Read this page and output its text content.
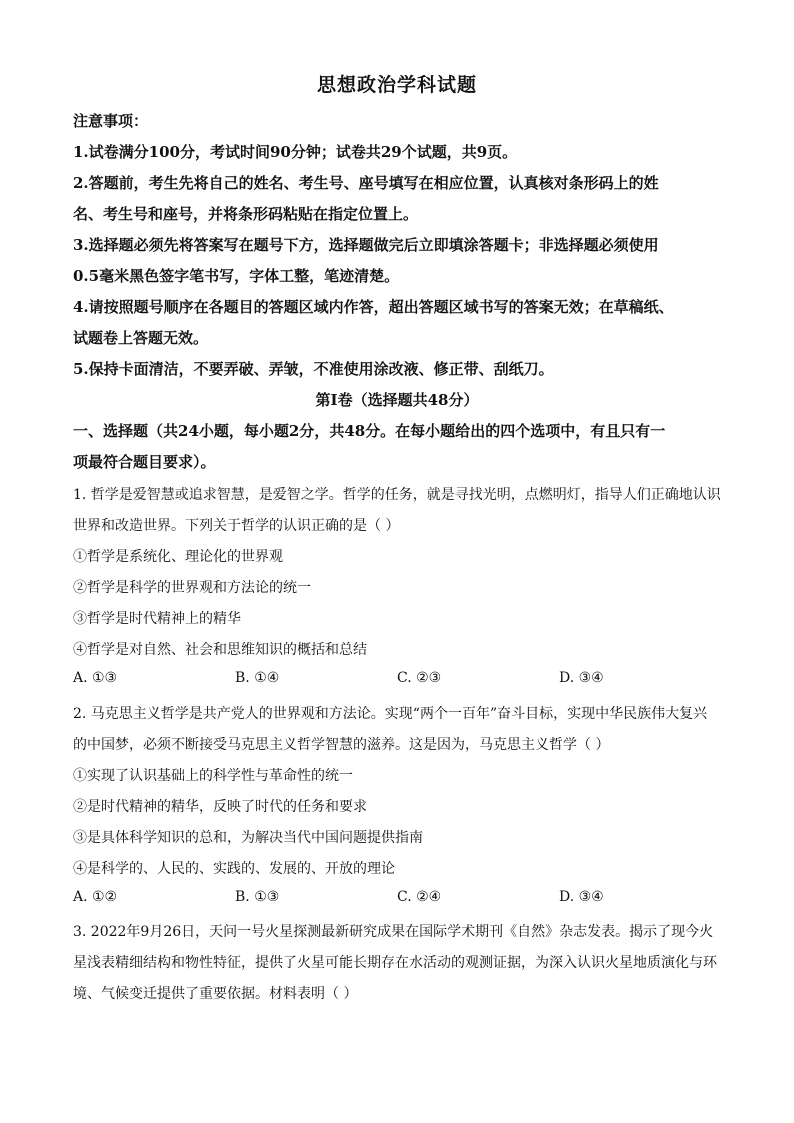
思想政治学科试题
注意事项：
1.试卷满分100分，考试时间90分钟；试卷共29个试题，共9页。
2.答题前，考生先将自己的姓名、考生号、座号填写在相应位置，认真核对条形码上的姓
名、考生号和座号，并将条形码粘贴在指定位置上。
3.选择题必须先将答案写在题号下方，选择题做完后立即填涂答题卡；非选择题必须使用
0.5毫米黑色签字笔书写，字体工整，笔迹清楚。
4.请按照题号顺序在各题目的答题区域内作答，超出答题区域书写的答案无效；在草稿纸、
试题卷上答题无效。
5.保持卡面清洁，不要弄破、弄皱，不准使用涂改液、修正带、刮纸刀。
第Ⅰ卷（选择题共48分）
一、选择题（共24小题，每小题2分，共48分。在每小题给出的四个选项中，有且只有一
项最符合题目要求）。
1. 哲学是爱智慧或追求智慧，是爱智之学。哲学的任务，就是寻找光明，点燃明灯，指导人们正确地认识
世界和改造世界。下列关于哲学的认识正确的是（ ）
①哲学是系统化、理论化的世界观
②哲学是科学的世界观和方法论的统一
③哲学是时代精神上的精华
④哲学是对自然、社会和思维知识的概括和总结
A. ①③	B. ①④	C. ②③	D. ③④
2. 马克思主义哲学是共产党人的世界观和方法论。实现“两个一百年”奋斗目标，实现中华民族伟大复兴
的中国梦，必须不断接受马克思主义哲学智慧的滋养。这是因为，马克思主义哲学（ ）
①实现了认识基础上的科学性与革命性的统一
②是时代精神的精华，反映了时代的任务和要求
③是具体科学知识的总和，为解决当代中国问题提供指南
④是科学的、人民的、实践的、发展的、开放的理论
A. ①②	B. ①③	C. ②④	D. ③④
3. 2022年9月26日，天问一号火星探测最新研究成果在国际学术期刊《自然》杂志发表。揭示了现今火
星浅表精细结构和物性特征，提供了火星可能长期存在水活动的观测证据，为深入认识火星地质演化与环
境、气候变迁提供了重要依据。材料表明（ ）
